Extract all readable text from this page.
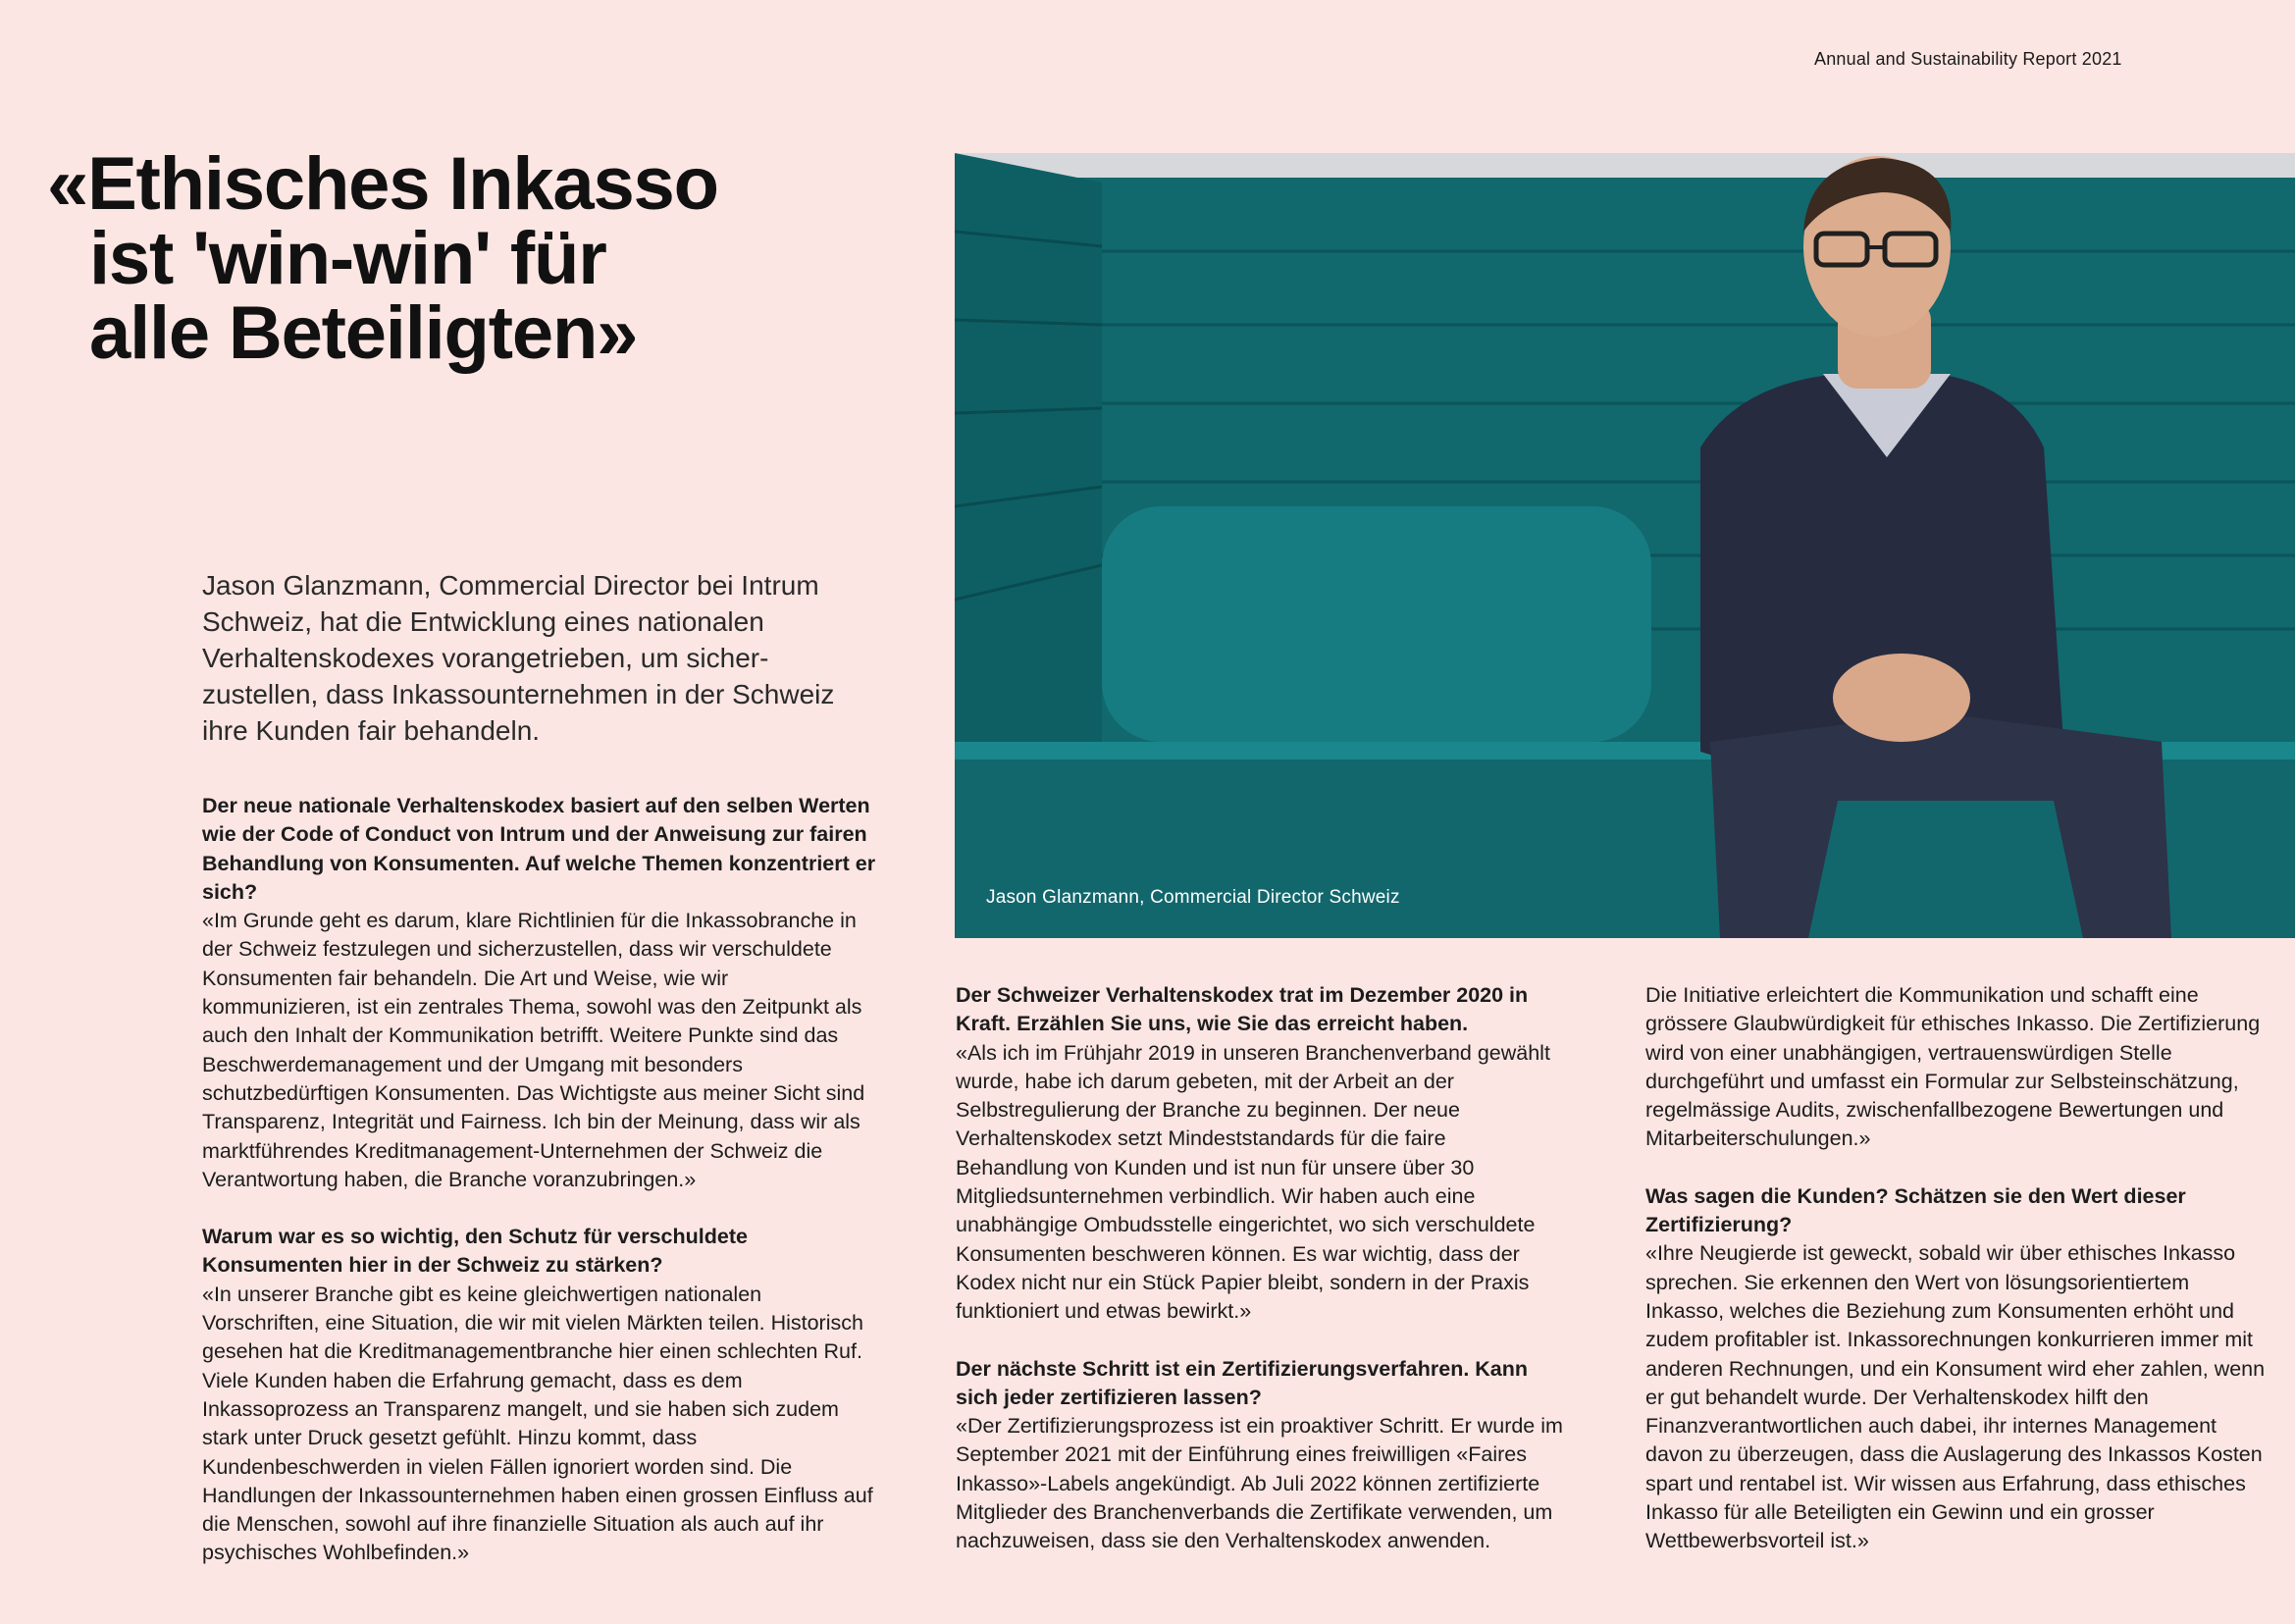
Annual and Sustainability Report 2021
«Ethisches Inkasso
ist 'win-win' für
alle Beteiligten»
Jason Glanzmann, Commercial Director Schweiz
Jason Glanzmann, Commercial Director bei Intrum Schweiz, hat die Entwicklung eines nationalen Verhaltenskodexes vorangetrieben, um sicher-zustellen, dass Inkassounternehmen in der Schweiz ihre Kunden fair behandeln.

Der neue nationale Verhaltenskodex basiert auf den selben Werten wie der Code of Conduct von Intrum und der Anweisung zur fairen Behandlung von Konsumenten. Auf welche Themen konzentriert er sich?

«Im Grunde geht es darum, klare Richtlinien für die Inkassobranche in der Schweiz festzulegen und sicherzustellen, dass wir verschuldete Konsumenten fair behandeln. Die Art und Weise, wie wir kommunizieren, ist ein zentrales Thema, sowohl was den Zeitpunkt als auch den Inhalt der Kommunikation betrifft. Weitere Punkte sind das Beschwerdemanagement und der Umgang mit besonders schutzbedürftigen Konsumenten. Das Wichtigste aus meiner Sicht sind Transparenz, Integrität und Fairness. Ich bin der Meinung, dass wir als marktführendes Kreditmanagement-Unternehmen der Schweiz die Verantwortung haben, die Branche voranzubringen.»

Warum war es so wichtig, den Schutz für verschuldete Konsumenten hier in der Schweiz zu stärken?

«In unserer Branche gibt es keine gleichwertigen nationalen Vorschriften, eine Situation, die wir mit vielen Märkten teilen. Historisch gesehen hat die Kreditmanagementbranche hier einen schlechten Ruf. Viele Kunden haben die Erfahrung gemacht, dass es dem Inkassoprozess an Transparenz mangelt, und sie haben sich zudem stark unter Druck gesetzt gefühlt. Hinzu kommt, dass Kundenbeschwerden in vielen Fällen ignoriert worden sind. Die Handlungen der Inkassounternehmen haben einen grossen Einfluss auf die Menschen, sowohl auf ihre finanzielle Situation als auch auf ihr psychisches Wohlbefinden.»

Der Schweizer Verhaltenskodex trat im Dezember 2020 in Kraft. Erzählen Sie uns, wie Sie das erreicht haben.

«Als ich im Frühjahr 2019 in unseren Branchenverband gewählt wurde, habe ich darum gebeten, mit der Arbeit an der Selbstregulierung der Branche zu beginnen. Der neue Verhaltenskodex setzt Mindeststandards für die faire Behandlung von Kunden und ist nun für unsere über 30 Mitgliedsunternehmen verbindlich. Wir haben auch eine unabhängige Ombudsstelle eingerichtet, wo sich verschuldete Konsumenten beschweren können. Es war wichtig, dass der Kodex nicht nur ein Stück Papier bleibt, sondern in der Praxis funktioniert und etwas bewirkt.»

Der nächste Schritt ist ein Zertifizierungsverfahren. Kann sich jeder zertifizieren lassen?

«Der Zertifizierungsprozess ist ein proaktiver Schritt. Er wurde im September 2021 mit der Einführung eines freiwilligen «Faires Inkasso»-Labels angekündigt. Ab Juli 2022 können zertifizierte Mitglieder des Branchenverbands die Zertifikate verwenden, um nachzuweisen, dass sie den Verhaltenskodex anwenden.

Die Initiative erleichtert die Kommunikation und schafft eine grössere Glaubwürdigkeit für ethisches Inkasso. Die Zertifizierung wird von einer unabhängigen, vertrauenswürdigen Stelle durchgeführt und umfasst ein Formular zur Selbsteinschätzung, regelmässige Audits, zwischenfallbezogene Bewertungen und Mitarbeiterschulungen.»

Was sagen die Kunden? Schätzen sie den Wert dieser Zertifizierung?

«Ihre Neugierde ist geweckt, sobald wir über ethisches Inkasso sprechen. Sie erkennen den Wert von lösungsorientiertem Inkasso, welches die Beziehung zum Konsumenten erhöht und zudem profitabler ist. Inkassorechnungen konkurrieren immer mit anderen Rechnungen, und ein Konsument wird eher zahlen, wenn er gut behandelt wurde. Der Verhaltenskodex hilft den Finanzverantwortlichen auch dabei, ihr internes Management davon zu überzeugen, dass die Auslagerung des Inkassos Kosten spart und rentabel ist. Wir wissen aus Erfahrung, dass ethisches Inkasso für alle Beteiligten ein Gewinn und ein grosser Wettbewerbsvorteil ist.»
